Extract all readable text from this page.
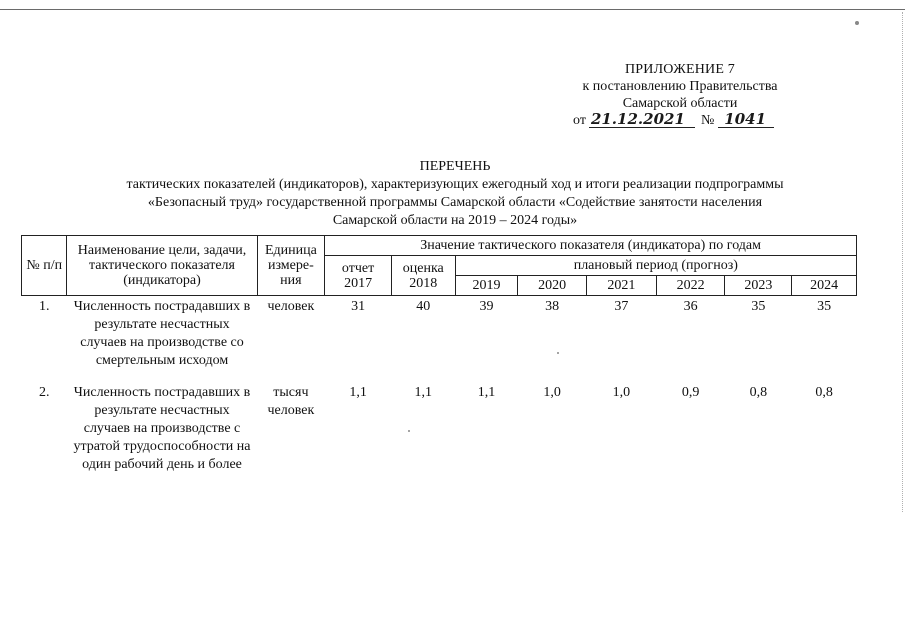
ПРИЛОЖЕНИЕ 7
к постановлению Правительства
Самарской области
от 21.12.2021 № 1041
ПЕРЕЧЕНЬ
тактических показателей (индикаторов), характеризующих ежегодный ход и итоги реализации подпрограммы
«Безопасный труд» государственной программы Самарской области «Содействие занятости населения
Самарской области на 2019 – 2024 годы»
№ п/п	Наименование цели, задачи, тактического показателя (индикатора)	Единица измере-ния	Значение тактического показателя (индикатора) по годам							
			отчет 2017	оценка 2018	плановый период (прогноз)					
					2019	2020	2021	2022	2023	2024
1.	Численность пострадавших в результате несчастных случаев на производстве со смертельным исходом	человек	31	40	39	38	37	36	35	35

2.	Численность пострадавших в результате несчастных случаев на производстве с утратой трудоспособности на один рабочий день и более	тысяч человек	1,1	1,1	1,1	1,0	1,0	0,9	0,8	0,8
